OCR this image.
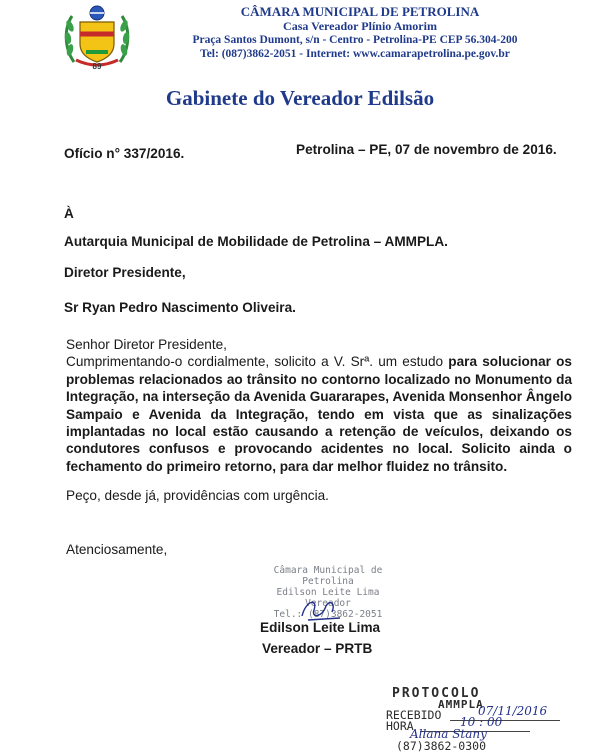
89
CÂMARA MUNICIPAL DE PETROLINA
Casa Vereador Plínio Amorim
Praça Santos Dumont, s/n - Centro - Petrolina-PE CEP 56.304-200
Tel: (087)3862-2051 - Internet: www.camarapetrolina.pe.gov.br
Gabinete do Vereador Edilsão
Ofício n° 337/2016.	Petrolina – PE, 07 de novembro de 2016.
À
Autarquia Municipal de Mobilidade de Petrolina – AMMPLA.
Diretor Presidente,
Sr Ryan Pedro Nascimento Oliveira.
Senhor Diretor Presidente,
Cumprimentando-o cordialmente, solicito a V. Srª. um estudo para solucionar os problemas relacionados ao trânsito no contorno localizado no Monumento da Integração, na interseção da Avenida Guararapes, Avenida Monsenhor Ângelo Sampaio e Avenida da Integração, tendo em vista que as sinalizações implantadas no local estão causando a retenção de veículos, deixando os condutores confusos e provocando acidentes no local. Solicito ainda o fechamento do primeiro retorno, para dar melhor fluidez no trânsito.
Peço, desde já, providências com urgência.
Atenciosamente,
Câmara Municipal de Petrolina
Edilson Leite Lima
Vereador
Tel.: (87)3862-2051
Edilson Leite Lima
Vereador – PRTB
PROTOCOLO
AMMPLA
RECEBIDO	07/11/2016
HORA	10 : 00
Allana Stany
(87)3862-0300
